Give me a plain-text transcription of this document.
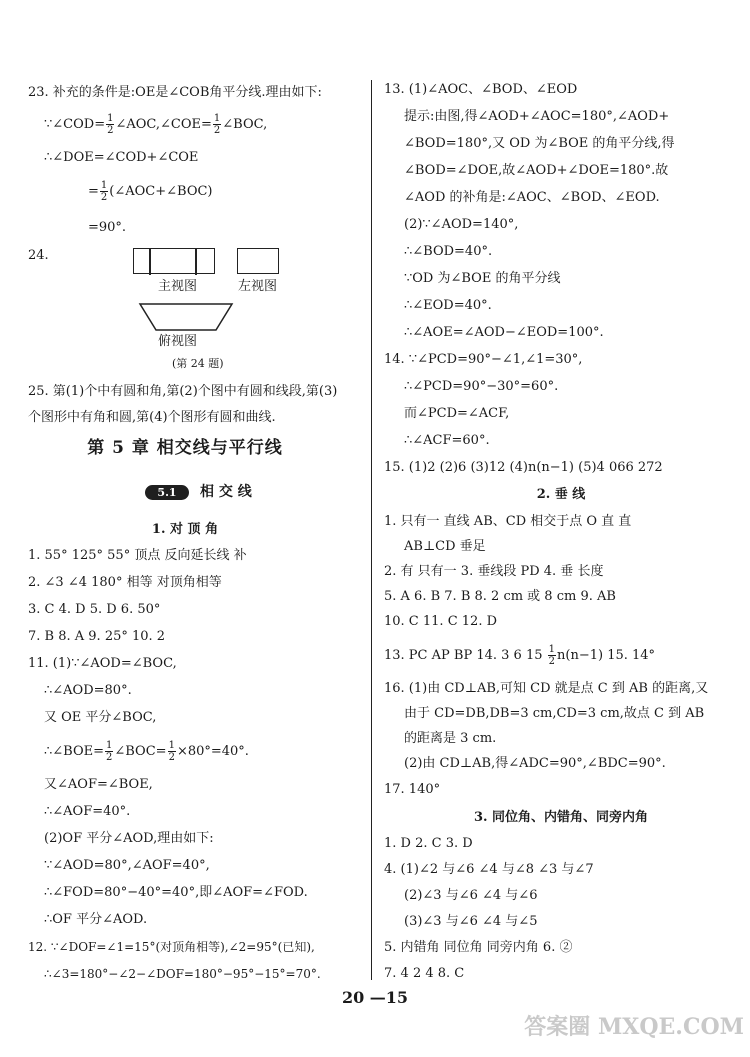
23. 补充的条件是:OE是∠COB角平分线.理由如下:
∵∠COD= $\frac{1}{2}$ ∠AOC,∠COE= $\frac{1}{2}$ ∠BOC,
∴∠DOE=∠COD+∠COE
= $\frac{1}{2}$ (∠AOC+∠BOC)
=90°.
24.
主视图	左视图
俯视图
(第 24 题)
25. 第(1)个中有圆和角,第(2)个图中有圆和线段,第(3)
个图形中有角和圆,第(4)个图形有圆和曲线.
第 5 章 相交线与平行线
5.1	相 交 线
1. 对 顶 角
1. 55° 125° 55° 顶点 反向延长线 补
2. ∠3 ∠4 180° 相等 对顶角相等
3. C 4. D 5. D 6. 50°
7. B 8. A 9. 25° 10. 2
11. (1)∵∠AOD=∠BOC,
∴∠AOD=80°.
又 OE 平分∠BOC,
∴∠BOE= $\frac{1}{2}$ ∠BOC= $\frac{1}{2} \times 80^\circ=40^\circ$.
又∠AOF=∠BOE,
∴∠AOF=40°.
(2)OF 平分∠AOD,理由如下:
∵∠AOD=80°,∠AOF=40°,
∴∠FOD=80°−40°=40°,即∠AOF=∠FOD.
∴OF 平分∠AOD.
12. ∵∠DOF=∠1=15°(对顶角相等),∠2=95°(已知),
∴∠3=180°−∠2−∠DOF=180°−95°−15°=70°.
13. (1)∠AOC、∠BOD、∠EOD
提示:由图,得∠AOD+∠AOC=180°,∠AOD+
∠BOD=180°,又 OD 为∠BOE 的角平分线,得
∠BOD=∠DOE,故∠AOD+∠DOE=180°.故
∠AOD 的补角是:∠AOC、∠BOD、∠EOD.
(2)∵∠AOD=140°,
∴∠BOD=40°.
∵OD 为∠BOE 的角平分线
∴∠EOD=40°.
∴∠AOE=∠AOD−∠EOD=100°.
14. ∵∠PCD=90°−∠1,∠1=30°,
∴∠PCD=90°−30°=60°.
而∠PCD=∠ACF,
∴∠ACF=60°.
15. (1)2 (2)6 (3)12 (4)n(n−1) (5)4 066 272
2. 垂 线
1. 只有一 直线 AB、CD 相交于点 O 直 直
AB⊥CD 垂足
2. 有 只有一 3. 垂线段 PD 4. 垂 长度
5. A 6. B 7. B 8. 2 cm 或 8 cm 9. AB
10. C 11. C 12. D
13. PC AP BP 14. 3 6 $15 \frac{1}{2} n(n-1)$ 15. 14°
16. (1)由 CD⊥AB,可知 CD 就是点 C 到 AB 的距离,又
由于 CD=DB,DB=3 cm,CD=3 cm,故点 C 到 AB
的距离是 3 cm.
(2)由 CD⊥AB,得∠ADC=90°,∠BDC=90°.
17. 140°
3. 同位角、内错角、同旁内角
1. D 2. C 3. D
4. (1)∠2 与∠6 ∠4 与∠8 ∠3 与∠7
(2)∠3 与∠6 ∠4 与∠6
(3)∠3 与∠6 ∠4 与∠5
5. 内错角 同位角 同旁内角 6. ②
7. 4 2 4 8. C
20 —15
答案圈 MXQE.COM
